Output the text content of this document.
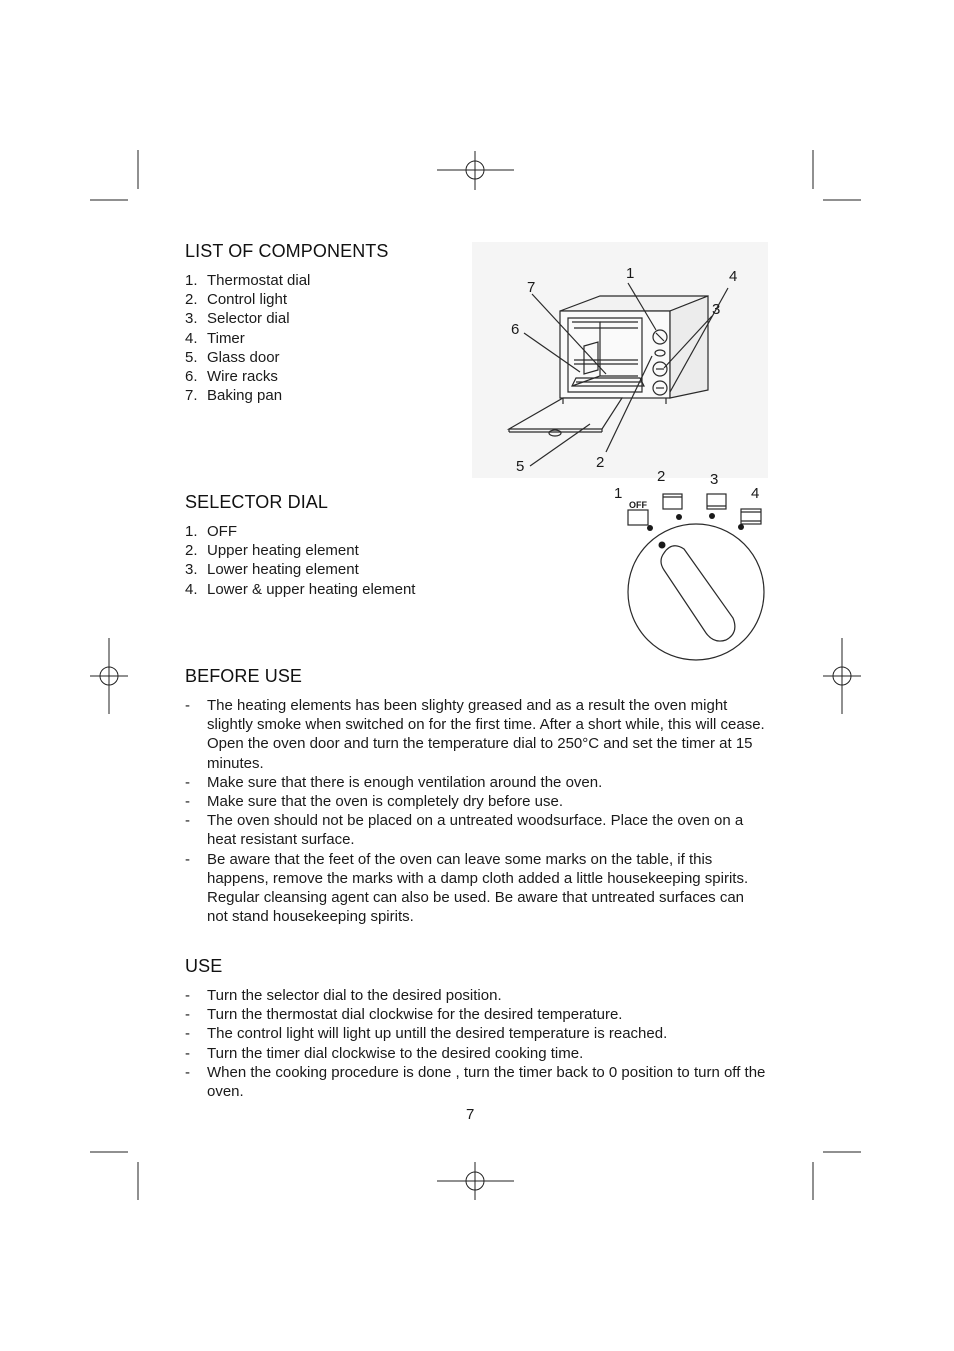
LIST OF COMPONENTS
1. Thermostat dial
2. Control light
3. Selector dial
4. Timer
5. Glass door
6. Wire racks
7. Baking pan
1
2
3
4
5
6
7
SELECTOR DIAL
1. OFF
2. Upper heating element
3. Lower heating element
4. Lower & upper heating element
1
2	3
4
OFF
BEFORE USE
-	The heating elements has been slighty greased and as a result the oven might slightly smoke when switched on for the first time. After a short while, this will cease. Open the oven door and turn the temperature dial to 250°C and set the timer at 15 minutes.
-	Make sure that there is enough ventilation around the oven.
-	Make sure that the oven is completely dry before use.
-	The oven should not be placed on a untreated woodsurface. Place the oven on a heat resistant surface.
-	Be aware that the feet of the oven can leave some marks on the table, if this happens, remove the marks with a damp cloth added a little housekeeping spirits. Regular cleansing agent can also be used. Be aware that untreated surfaces can not stand housekeeping spirits.
USE
-	Turn the selector dial to the desired position.
-	Turn the thermostat dial clockwise for the desired temperature.
-	The control light will light up untill the desired temperature is reached.
-	Turn the timer dial clockwise to the desired cooking time.
-	When the cooking procedure is done , turn the timer back to 0 position to turn off the oven.
7
